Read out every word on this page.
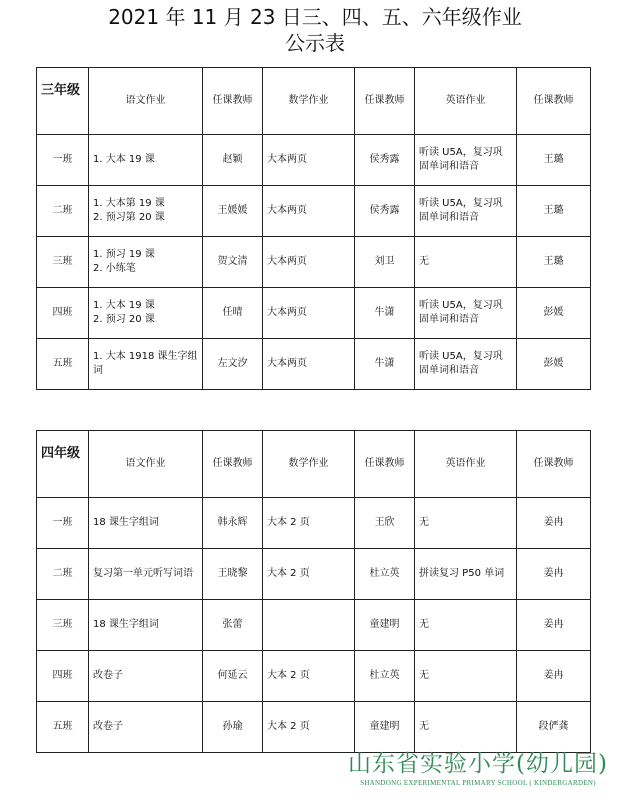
2021 年 11 月 23 日三、四、五、六年级作业
公示表
三年级	语文作业	任课教师	数学作业	任课教师	英语作业	任课教师
一班	1. 大本 19 课	赵颖	大本两页	侯秀露	听读 U5A，复习巩固单词和语音	王璐
二班	1. 大本第 19 课
2. 预习第 20 课	王媛媛	大本两页	侯秀露	听读 U5A，复习巩固单词和语音	王璐
三班	1. 预习 19 课
2. 小练笔	贺文清	大本两页	刘卫	无	王璐
四班	1. 大本 19 课
2. 预习 20 课	任晴	大本两页	牛潇	听读 U5A，复习巩固单词和语音	彭媛
五班	1. 大本 1918 课生字组词	左文汐	大本两页	牛潇	听读 U5A，复习巩固单词和语音	彭媛
四年级	语文作业	任课教师	数学作业	任课教师	英语作业	任课教师
一班	18 课生字组词	韩永辉	大本 2 页	王欣	无	姜冉
二班	复习第一单元听写词语	王晓黎	大本 2 页	杜立英	拼读复习 P50 单词	姜冉
三班	18 课生字组词	张蕾		童建明	无	姜冉
四班	改卷子	何延云	大本 2 页	杜立英	无	姜冉
五班	改卷子	孙瑜	大本 2 页	童建明	无	段俨龚
山东省实验小学(幼儿园)
SHANDONG EXPERIMENTAL PRIMARY SCHOOL ( KINDERGARDEN)
